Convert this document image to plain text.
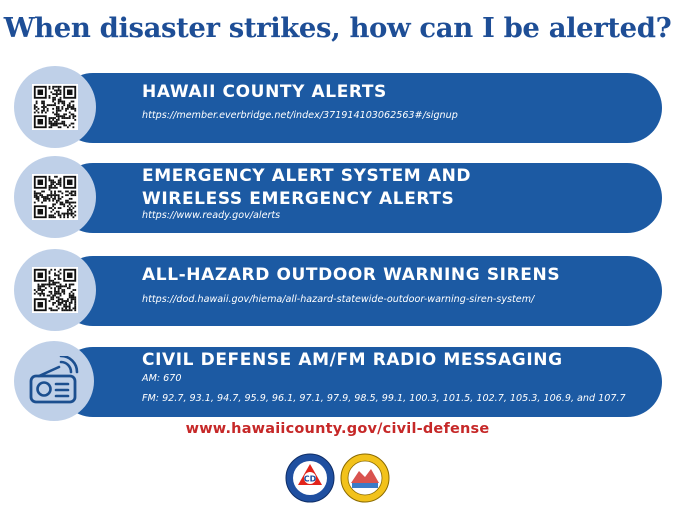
When disaster strikes, how can I be alerted?
HAWAII COUNTY ALERTS
https://member.everbridge.net/index/371914103062563#/signup
EMERGENCY ALERT SYSTEM AND
WIRELESS EMERGENCY ALERTS
https://www.ready.gov/alerts
ALL-HAZARD OUTDOOR WARNING SIRENS
https://dod.hawaii.gov/hiema/all-hazard-statewide-outdoor-warning-siren-system/
CIVIL DEFENSE AM/FM RADIO MESSAGING
AM: 670
FM: 92.7, 93.1, 94.7, 95.9, 96.1, 97.1, 97.9, 98.5, 99.1, 100.3, 101.5, 102.7, 105.3, 106.9, and 107.7
www.hawaiicounty.gov/civil-defense
CD
